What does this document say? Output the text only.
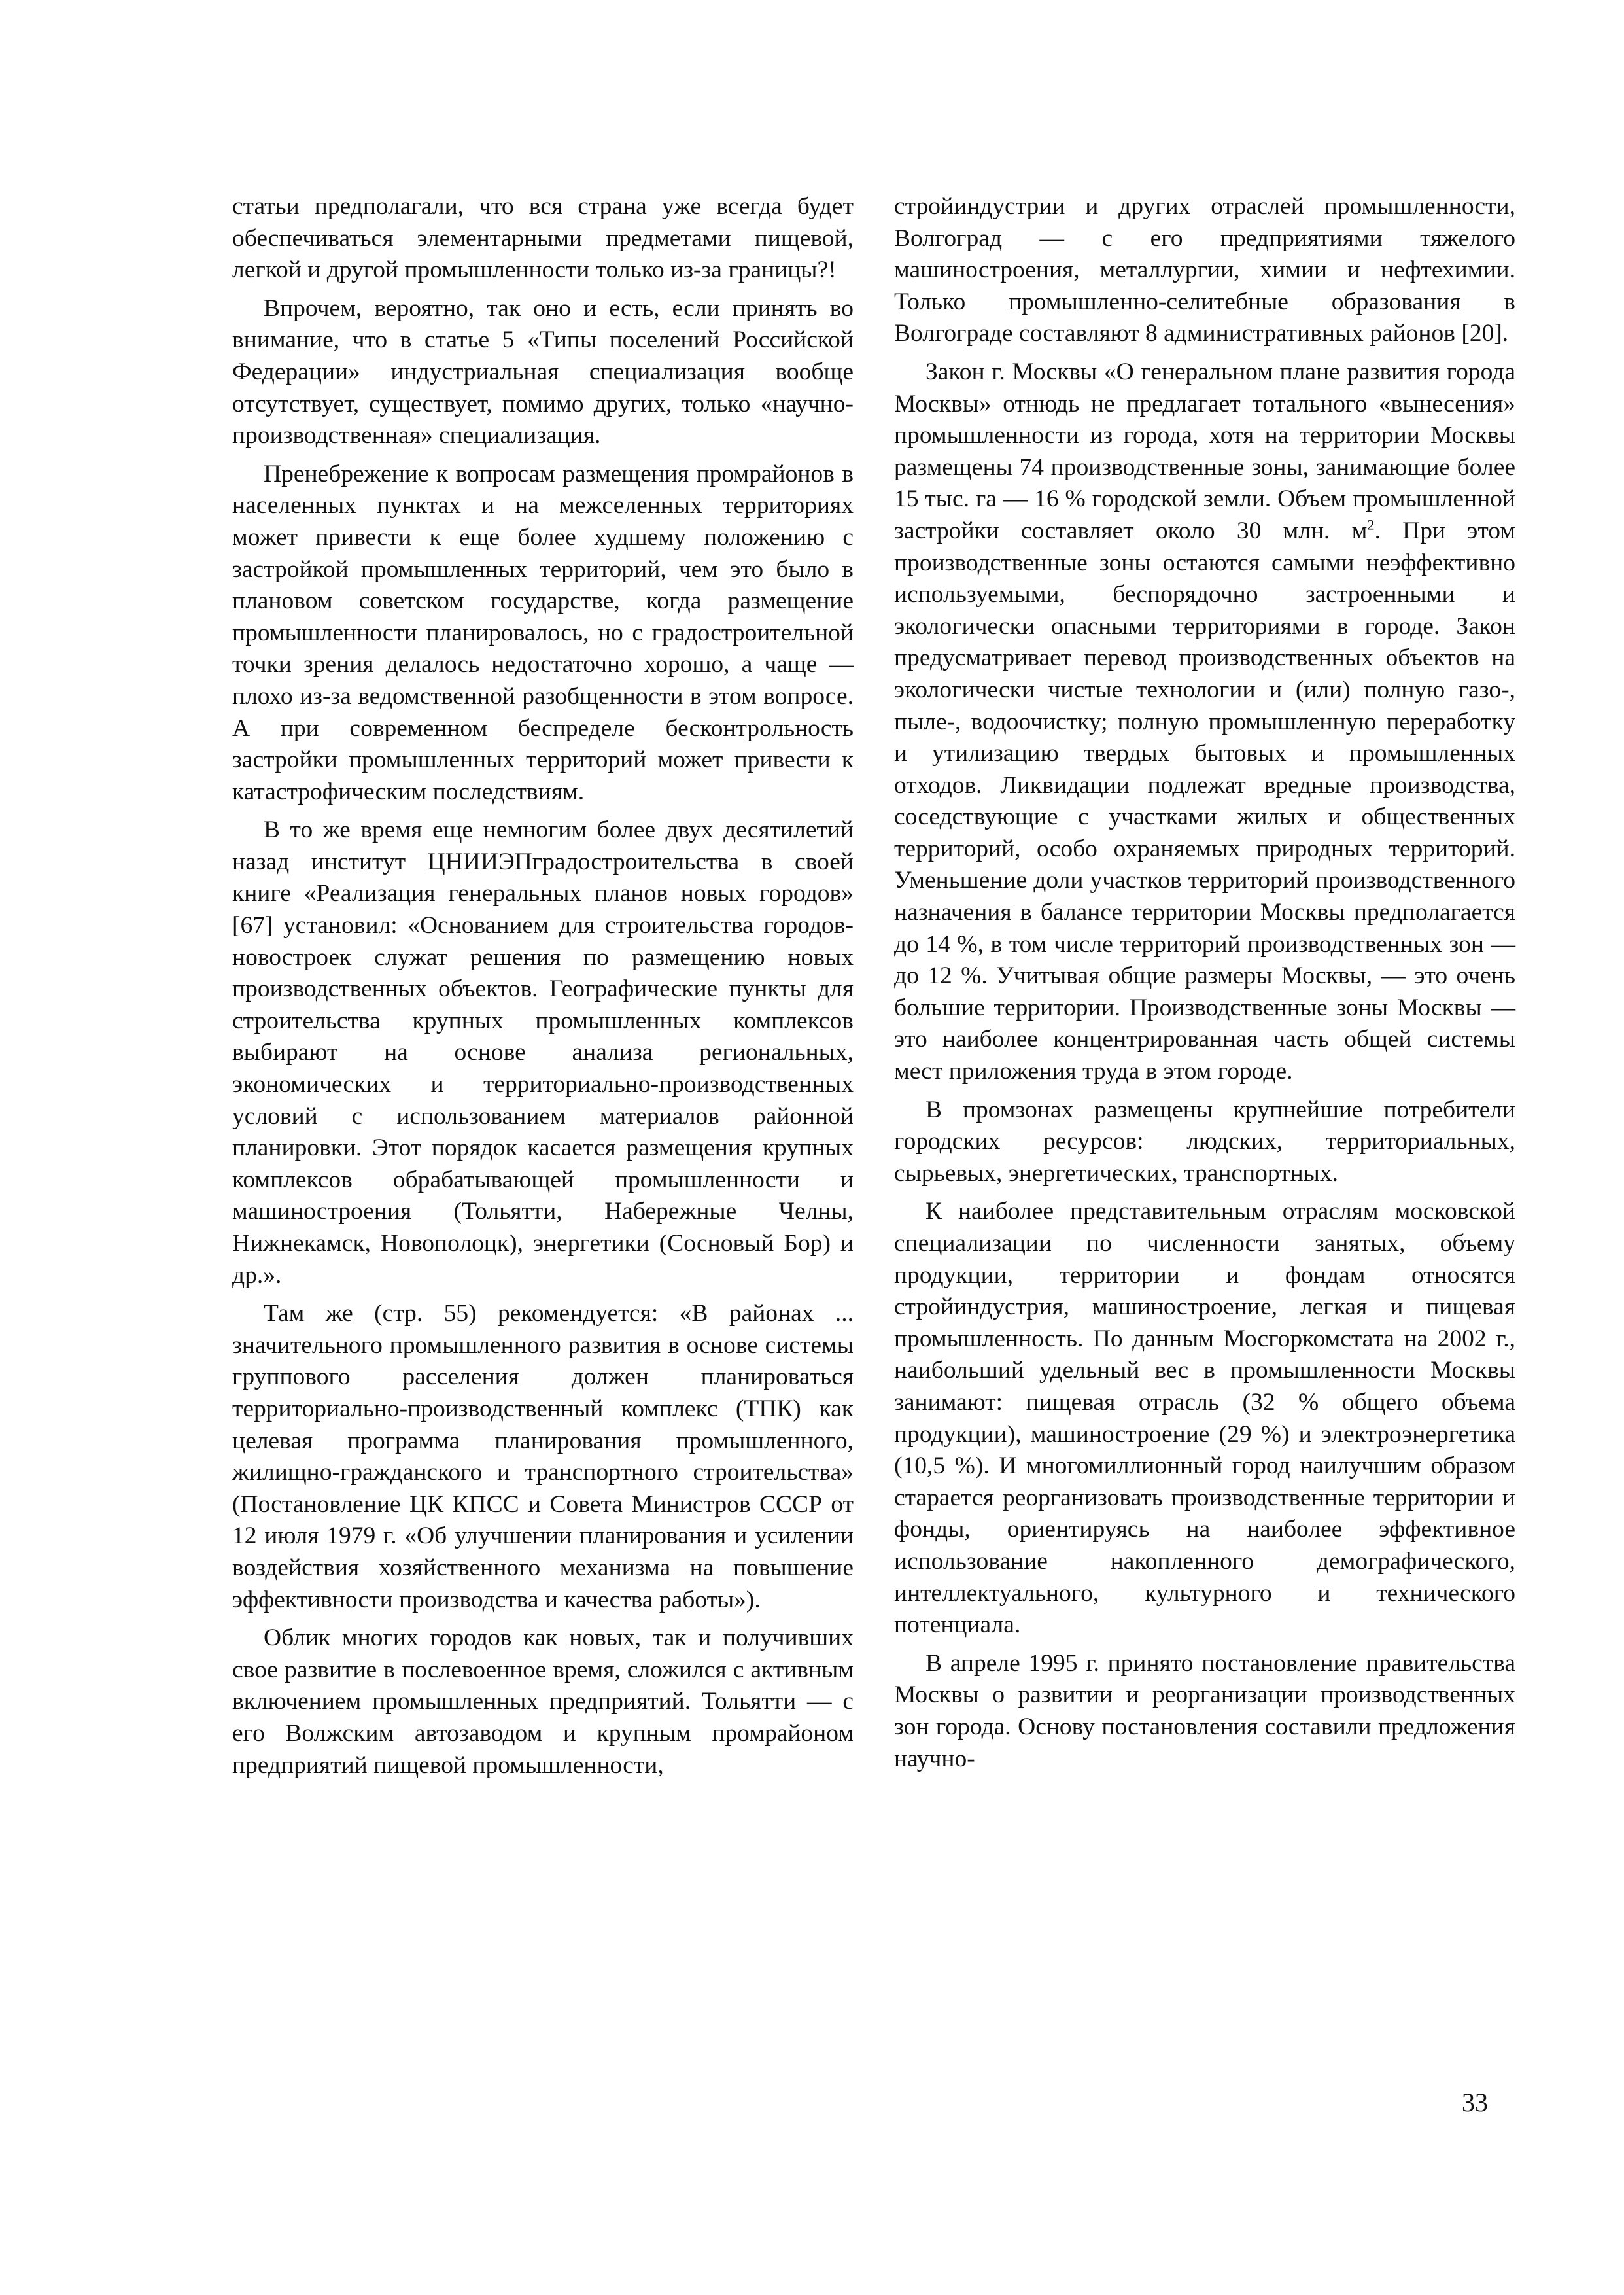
статьи предполагали, что вся страна уже всегда будет обеспечиваться элементарными предметами пищевой, легкой и другой промышленности только из-за границы?!

Впрочем, вероятно, так оно и есть, если принять во внимание, что в статье 5 «Типы поселений Российской Федерации» индустриальная специализация вообще отсутствует, существует, помимо других, только «научно-производственная» специализация.

Пренебрежение к вопросам размещения промрайонов в населенных пунктах и на межселенных территориях может привести к еще более худшему положению с застройкой промышленных территорий, чем это было в плановом советском государстве, когда размещение промышленности планировалось, но с градостроительной точки зрения делалось недостаточно хорошо, а чаще — плохо из-за ведомственной разобщенности в этом вопросе. А при современном беспределе бесконтрольность застройки промышленных территорий может привести к катастрофическим последствиям.

В то же время еще немногим более двух десятилетий назад институт ЦНИИЭПградостроительства в своей книге «Реализация генеральных планов новых городов» [67] установил: «Основанием для строительства городов-новостроек служат решения по размещению новых производственных объектов. Географические пункты для строительства крупных промышленных комплексов выбирают на основе анализа региональных, экономических и территориально-производственных условий с использованием материалов районной планировки. Этот порядок касается размещения крупных комплексов обрабатывающей промышленности и машиностроения (Тольятти, Набережные Челны, Нижнекамск, Новополоцк), энергетики (Сосновый Бор) и др.».

Там же (стр. 55) рекомендуется: «В районах ... значительного промышленного развития в основе системы группового расселения должен планироваться территориально-производственный комплекс (ТПК) как целевая программа планирования промышленного, жилищно-гражданского и транспортного строительства» (Постановление ЦК КПСС и Совета Министров СССР от 12 июля 1979 г. «Об улучшении планирования и усилении воздействия хозяйственного механизма на повышение эффективности производства и качества работы»).

Облик многих городов как новых, так и получивших свое развитие в послевоенное время, сложился с активным включением промышленных предприятий. Тольятти — с его Волжским автозаводом и крупным промрайоном предприятий пищевой промышленности,

стройиндустрии и других отраслей промышленности, Волгоград — с его предприятиями тяжелого машиностроения, металлургии, химии и нефтехимии. Только промышленно-селитебные образования в Волгограде составляют 8 административных районов [20].

Закон г. Москвы «О генеральном плане развития города Москвы» отнюдь не предлагает тотального «вынесения» промышленности из города, хотя на территории Москвы размещены 74 производственные зоны, занимающие более 15 тыс. га — 16 % городской земли. Объем промышленной застройки составляет около 30 млн. $м^2$. При этом производственные зоны остаются самыми неэффективно используемыми, беспорядочно застроенными и экологически опасными территориями в городе. Закон предусматривает перевод производственных объектов на экологически чистые технологии и (или) полную газо-, пыле-, водоочистку; полную промышленную переработку и утилизацию твердых бытовых и промышленных отходов. Ликвидации подлежат вредные производства, соседствующие с участками жилых и общественных территорий, особо охраняемых природных территорий. Уменьшение доли участков территорий производственного назначения в балансе территории Москвы предполагается до 14 %, в том числе территорий производственных зон — до 12 %. Учитывая общие размеры Москвы, — это очень большие территории. Производственные зоны Москвы — это наиболее концентрированная часть общей системы мест приложения труда в этом городе.

В промзонах размещены крупнейшие потребители городских ресурсов: людских, территориальных, сырьевых, энергетических, транспортных.

К наиболее представительным отраслям московской специализации по численности занятых, объему продукции, территории и фондам относятся стройиндустрия, машиностроение, легкая и пищевая промышленность. По данным Мосгоркомстата на 2002 г., наибольший удельный вес в промышленности Москвы занимают: пищевая отрасль (32 % общего объема продукции), машиностроение (29 %) и электроэнергетика (10,5 %). И многомиллионный город наилучшим образом старается реорганизовать производственные территории и фонды, ориентируясь на наиболее эффективное использование накопленного демографического, интеллектуального, культурного и технического потенциала.

В апреле 1995 г. принято постановление правительства Москвы о развитии и реорганизации производственных зон города. Основу постановления составили предложения научно-

33
